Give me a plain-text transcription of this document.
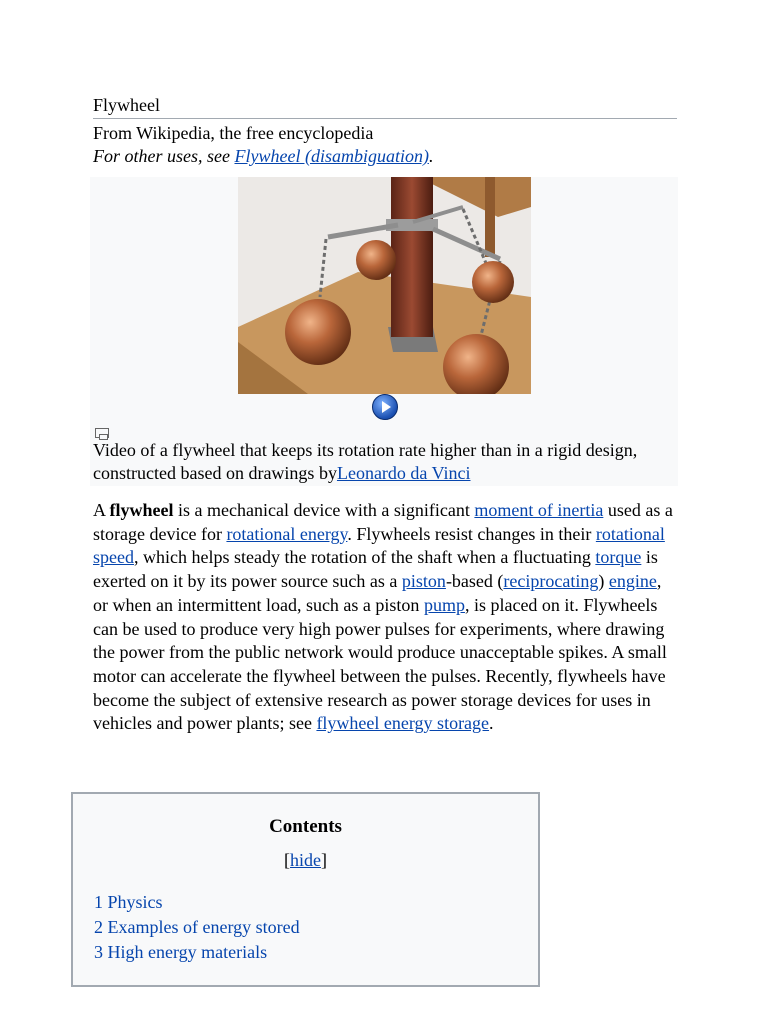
Flywheel
From Wikipedia, the free encyclopedia
For other uses, see Flywheel (disambiguation).
Video of a flywheel that keeps its rotation rate higher than in a rigid design, constructed based on drawings byLeonardo da Vinci
A flywheel is a mechanical device with a significant moment of inertia used as a storage device for rotational energy. Flywheels resist changes in their rotational speed, which helps steady the rotation of the shaft when a fluctuating torque is exerted on it by its power source such as a piston-based (reciprocating) engine, or when an intermittent load, such as a piston pump, is placed on it. Flywheels can be used to produce very high power pulses for experiments, where drawing the power from the public network would produce unacceptable spikes. A small motor can accelerate the flywheel between the pulses. Recently, flywheels have become the subject of extensive research as power storage devices for uses in vehicles and power plants; see flywheel energy storage.
Contents
[hide]
1 Physics
2 Examples of energy stored
3 High energy materials
